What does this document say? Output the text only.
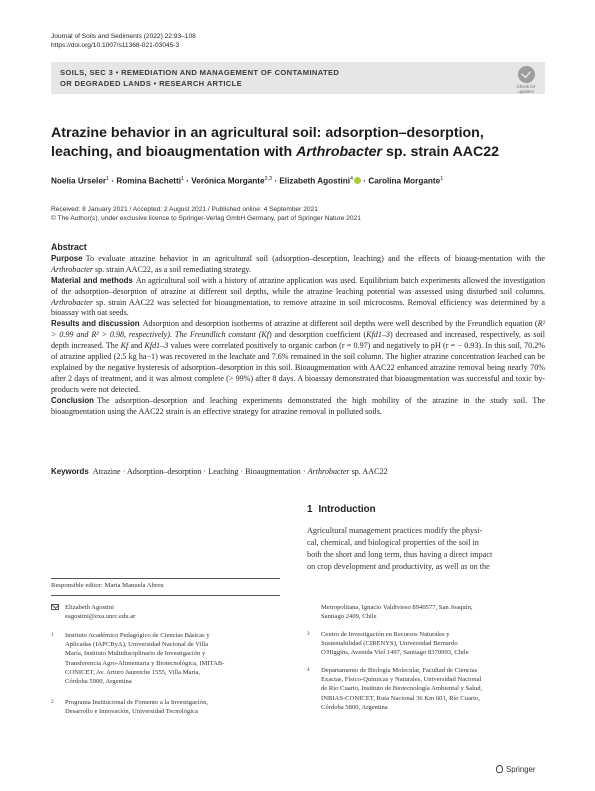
Journal of Soils and Sediments (2022) 22:93–108
https://doi.org/10.1007/s11368-021-03045-3
SOILS, SEC 3 • REMEDIATION AND MANAGEMENT OF CONTAMINATED
OR DEGRADED LANDS • RESEARCH ARTICLE	Check for
updates
Atrazine behavior in an agricultural soil: adsorption–desorption,
leaching, and bioaugmentation with Arthrobacter sp. strain AAC22
Noelia Urseler$^1$ · Romina Bachetti$^1$ · Verónica Morgante$^{2,3}$ · Elizabeth Agostini$^4$ · Carolina Morgante$^1$
Received: 8 January 2021 / Accepted: 2 August 2021 / Published online: 4 September 2021
© The Author(s), under exclusive licence to Springer-Verlag GmbH Germany, part of Springer Nature 2021
Abstract

Purpose To evaluate atrazine behavior in an agricultural soil (adsorption–desorption, leaching) and the effects of bioaug-mentation with the Arthrobacter sp. strain AAC22, as a soil remediating strategy.

Material and methods An agricultural soil with a history of atrazine application was used. Equilibrium batch experiments allowed the investigation of the adsorption–desorption of atrazine at different soil depths, while the atrazine leaching potential was assessed using disturbed soil columns. Arthrobacter sp. strain AAC22 was selected for bioaugmentation, to remove atrazine in soil microcosms. Removal efficiency was determined by a bioassay with oat seeds.

Results and discussion Adsorption and desorption isotherms of atrazine at different soil depths were well described by the Freundlich equation (R² > 0.99 and R² > 0.98, respectively). The Freundlich constant (Kf) and desorption coefficient (Kfd1–3) decreased and increased, respectively, as soil depth increased. The Kf and Kfd1–3 values were correlated positively to organic carbon (r = 0.97) and negatively to pH (r = − 0.93). In this soil, 70.2% of atrazine applied (2.5 kg ha−1) was recovered in the leachate and 7.6% remained in the soil column. The higher atrazine concentration leached can be explained by the negative hysteresis of adsorption–desorption in this soil. Bioaugmentation with AAC22 enhanced atrazine removal being nearly 70% after 2 days of treatment, and it was almost complete (> 99%) after 8 days. A bioassay demonstrated that bioaugmentation was successful and toxic by-products were not detected.

Conclusion The adsorption–desorption and leaching experiments demonstrated the high mobility of the atrazine in the study soil. The bioaugmentation using the AAC22 strain is an effective strategy for atrazine removal in polluted soils.

Keywords Atrazine · Adsorption–desorption · Leaching · Bioaugmentation · Arthrobacter sp. AAC22
1 Introduction
Agricultural management practices modify the physi-
cal, chemical, and biological properties of the soil in
both the short and long term, thus having a direct impact
on crop development and productivity, as well as on the
Responsible editor: Maria Manuela Abreu
Elizabeth Agostini
eagostini@exa.unrc.edu.ar
1 Instituto Académico Pedagógico de Ciencias Básicas y
Aplicadas (IAPCByA), Universidad Nacional de Villa
María, Instituto Multidisciplinario de Investigación y
Transferencia Agro-Alimentaria y Biotecnológica, IMITAB-
CONICET, Av. Arturo Jauretche 1555, Villa María,
Córdoba 5900, Argentina
2 Programa Institucional de Fomento a la Investigación,
Desarrollo e Innovación, Universidad Tecnológica
Metropolitana, Ignacio Valdivieso 8940577, San Joaquín,
Santiago 2409, Chile
3 Centro de Investigación en Recursos Naturales y
Sustentabilidad (CIRENYS), Universidad Bernardo
O'Higgins, Avenida Viel 1497, Santiago 8370993, Chile
4 Departamento de Biología Molecular, Facultad de Ciencias
Exactas, Físico-Químicas y Naturales, Universidad Nacional
de Río Cuarto, Instituto de Biotecnología Ambiental y Salud,
INBIAS-CONICET, Ruta Nacional 36 Km 601, Río Cuarto,
Córdoba 5800, Argentina
Springer
